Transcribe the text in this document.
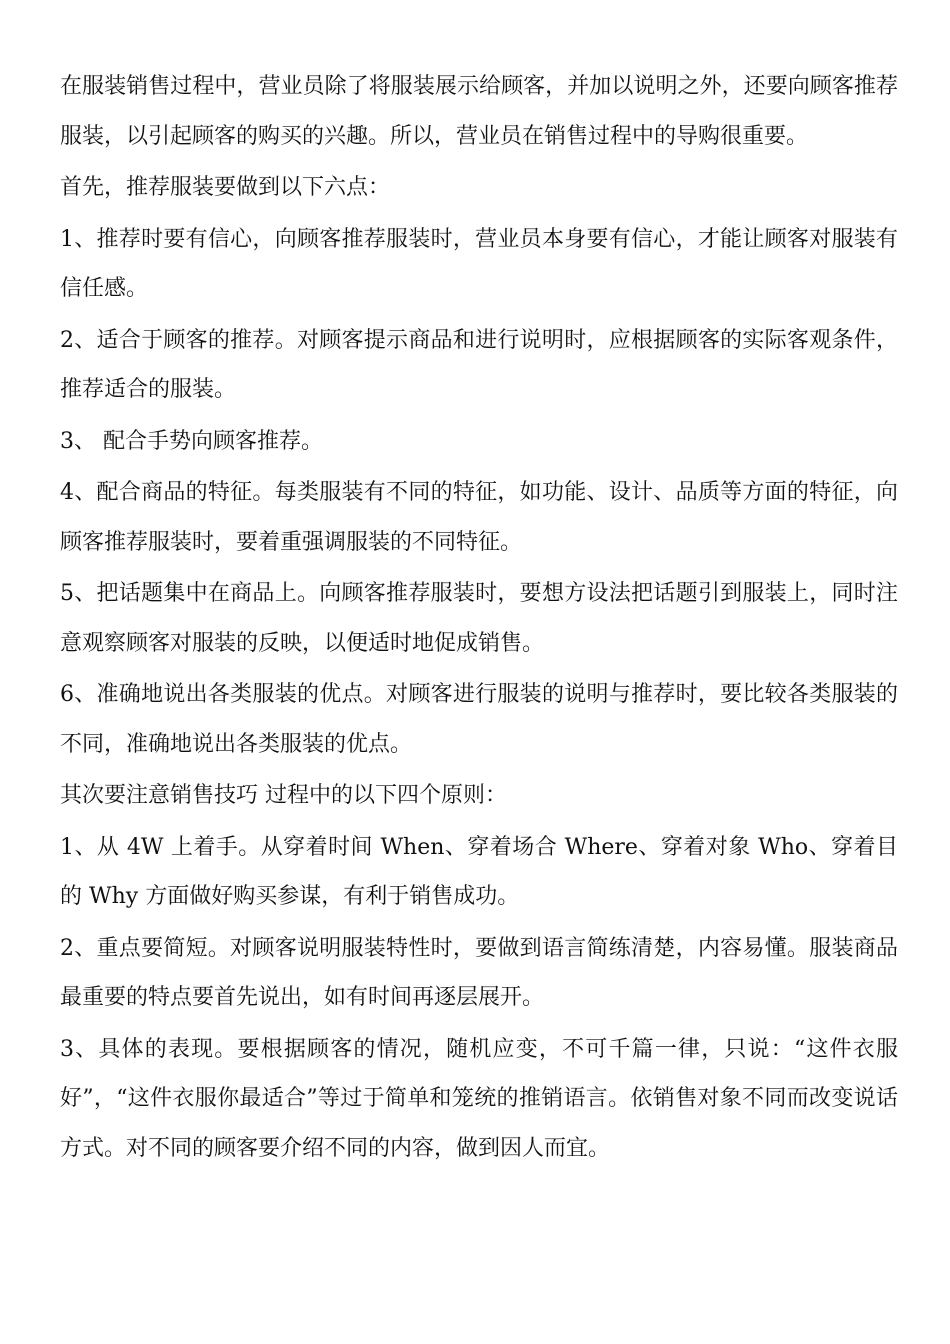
在服装销售过程中，营业员除了将服装展示给顾客，并加以说明之外，还要向顾客推荐服装，以引起顾客的购买的兴趣。所以，营业员在销售过程中的导购很重要。

首先，推荐服装要做到以下六点：

1、推荐时要有信心，向顾客推荐服装时，营业员本身要有信心，才能让顾客对服装有信任感。

2、适合于顾客的推荐。对顾客提示商品和进行说明时，应根据顾客的实际客观条件，推荐适合的服装。

3、 配合手势向顾客推荐。

4、配合商品的特征。每类服装有不同的特征，如功能、设计、品质等方面的特征，向顾客推荐服装时，要着重强调服装的不同特征。

5、把话题集中在商品上。向顾客推荐服装时，要想方设法把话题引到服装上，同时注意观察顾客对服装的反映，以便适时地促成销售。

6、准确地说出各类服装的优点。对顾客进行服装的说明与推荐时，要比较各类服装的不同，准确地说出各类服装的优点。

其次要注意销售技巧 过程中的以下四个原则：

1、从 4W 上着手。从穿着时间 When、穿着场合 Where、穿着对象 Who、穿着目的 Why 方面做好购买参谋，有利于销售成功。

2、重点要简短。对顾客说明服装特性时，要做到语言简练清楚，内容易懂。服装商品最重要的特点要首先说出，如有时间再逐层展开。

3、具体的表现。要根据顾客的情况，随机应变，不可千篇一律，只说：“这件衣服好”，“这件衣服你最适合”等过于简单和笼统的推销语言。依销售对象不同而改变说话方式。对不同的顾客要介绍不同的内容，做到因人而宜。
